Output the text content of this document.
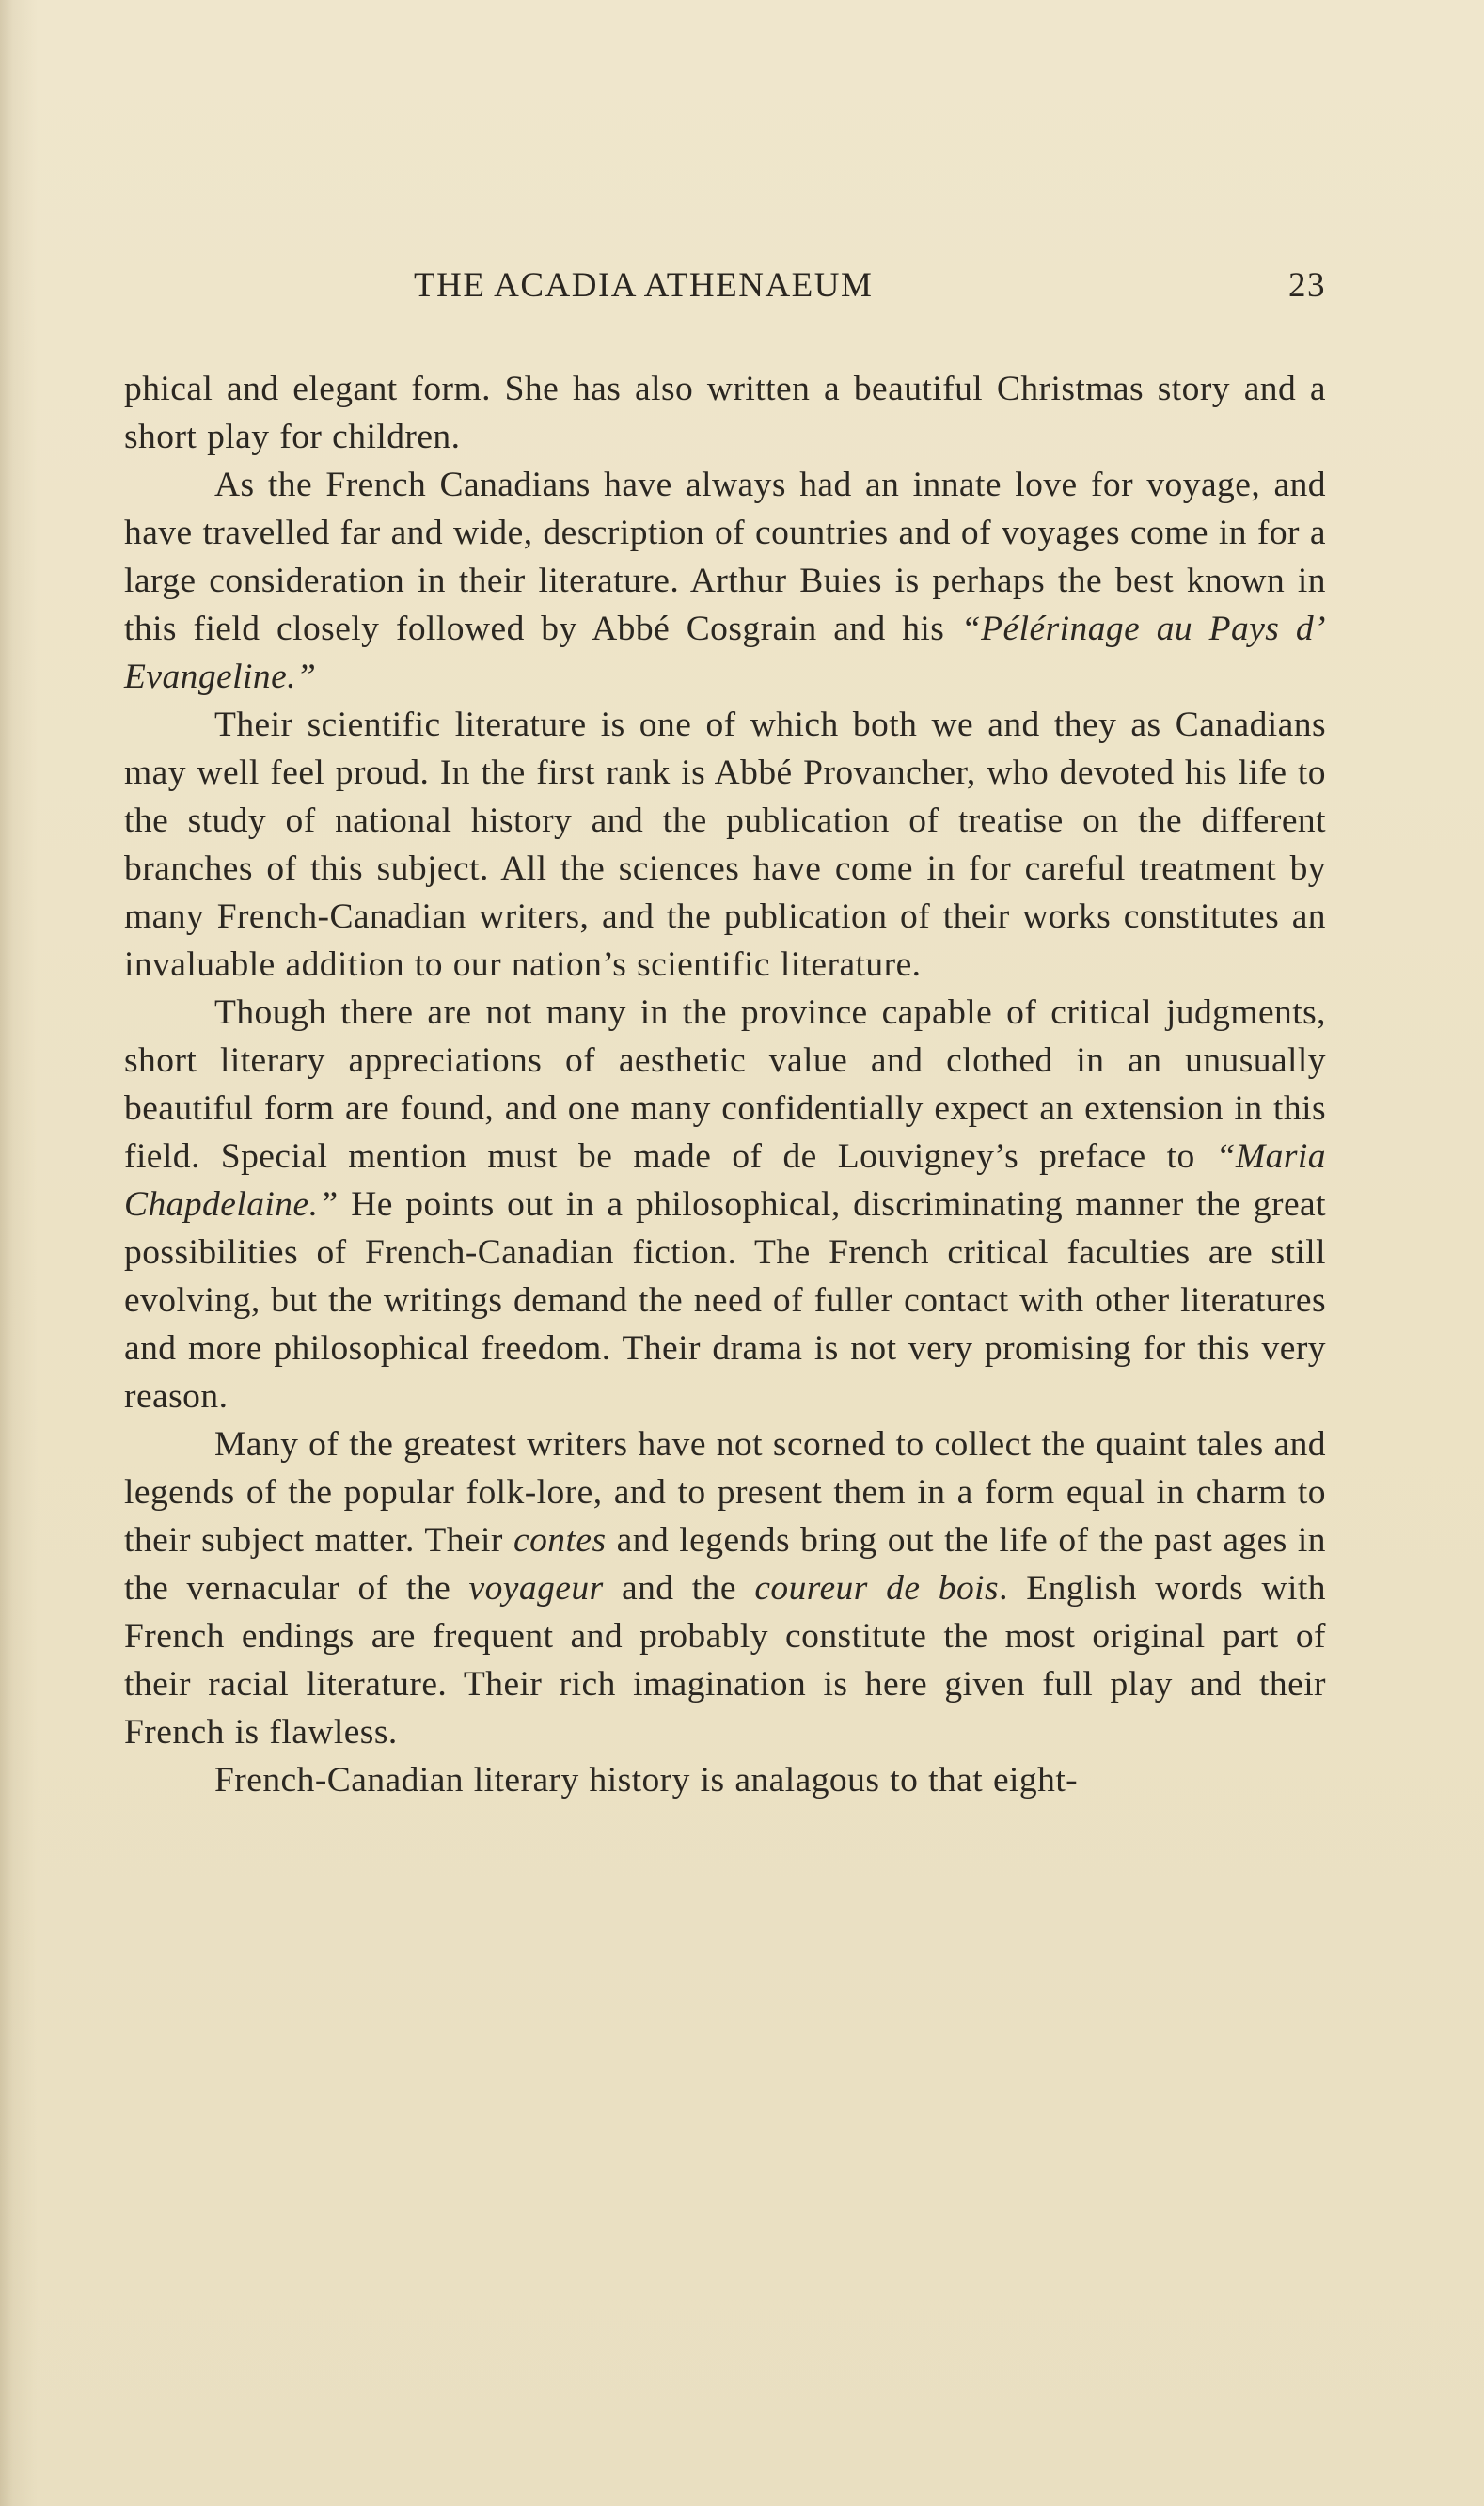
THE ACADIA ATHENAEUM	23

phical and elegant form. She has also written a beautiful Christmas story and a short play for children.

As the French Canadians have always had an innate love for voyage, and have travelled far and wide, description of countries and of voyages come in for a large consideration in their literature. Arthur Buies is perhaps the best known in this field closely followed by Abbé Cosgrain and his “Pélérinage au Pays d’ Evangeline.”

Their scientific literature is one of which both we and they as Canadians may well feel proud. In the first rank is Abbé Provancher, who devoted his life to the study of national history and the publication of treatise on the different branches of this subject. All the sciences have come in for careful treatment by many French-Canadian writers, and the publication of their works constitutes an invaluable addition to our nation’s scientific literature.

Though there are not many in the province capable of critical judgments, short literary appreciations of aesthetic value and clothed in an unusually beautiful form are found, and one many confidentially expect an extension in this field. Special mention must be made of de Louvigney’s preface to “Maria Chapdelaine.” He points out in a philosophical, discriminating manner the great possibilities of French-Canadian fiction. The French critical faculties are still evolving, but the writings demand the need of fuller contact with other literatures and more philosophical freedom. Their drama is not very promising for this very reason.

Many of the greatest writers have not scorned to collect the quaint tales and legends of the popular folk-lore, and to present them in a form equal in charm to their subject matter. Their contes and legends bring out the life of the past ages in the vernacular of the voyageur and the coureur de bois. English words with French endings are frequent and probably constitute the most original part of their racial literature. Their rich imagination is here given full play and their French is flawless.

French-Canadian literary history is analagous to that eight-
